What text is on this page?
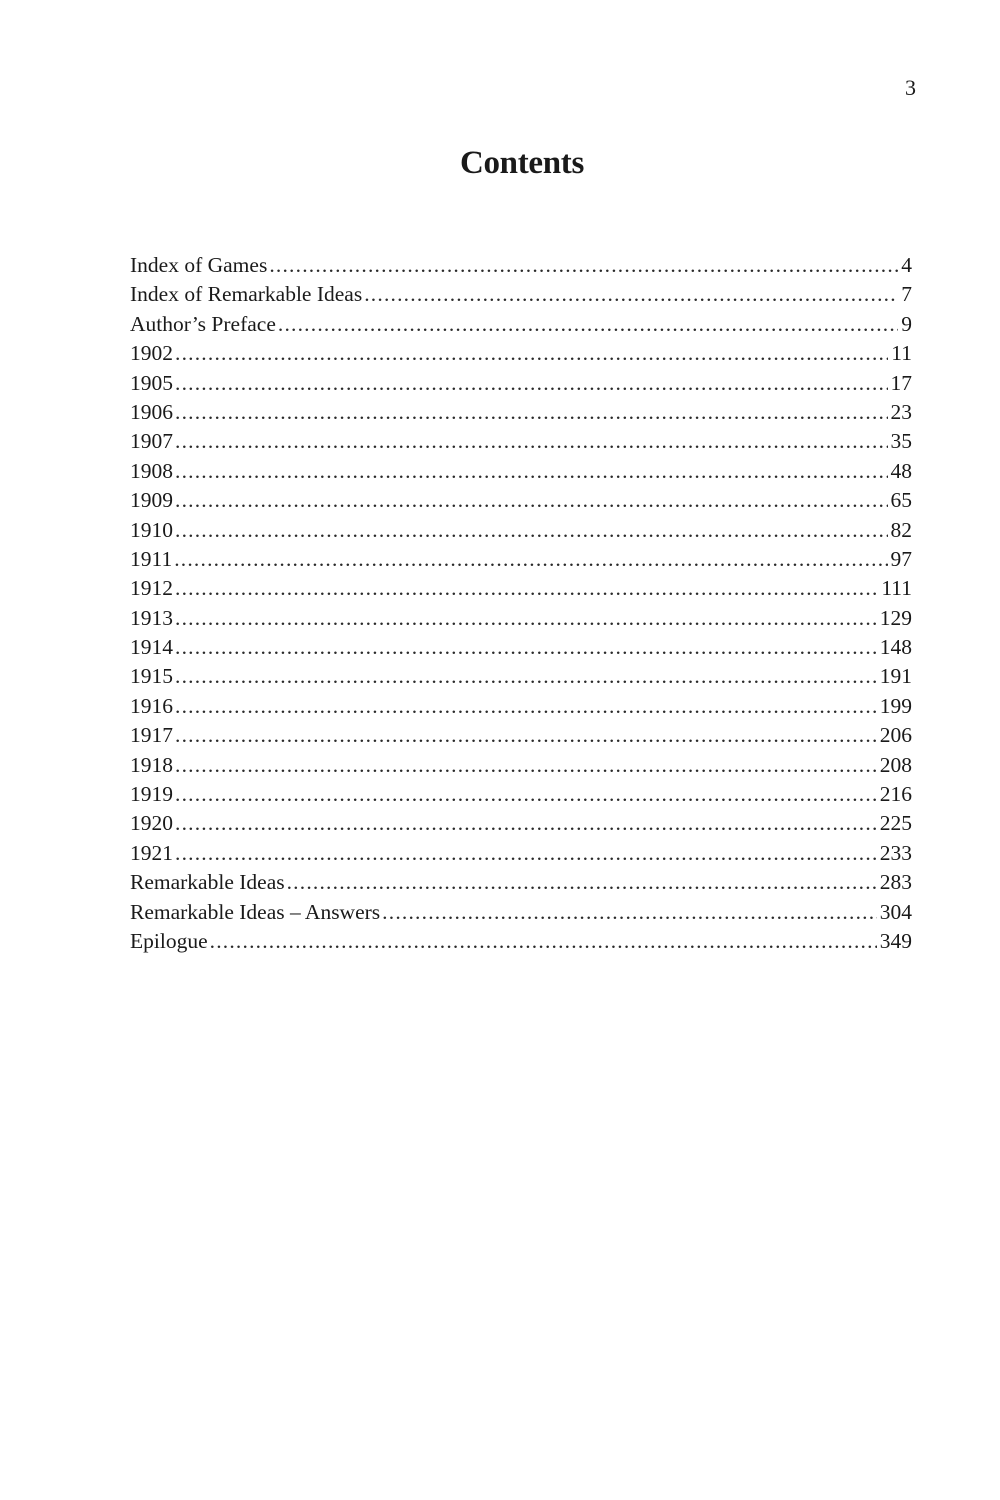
3
Contents
Index of Games .....	4
Index of Remarkable Ideas .....	7
Author’s Preface .....	9
1902 .....	11
1905 .....	17
1906 .....	23
1907 .....	35
1908 .....	48
1909 .....	65
1910 .....	82
1911 .....	97
1912 .....	111
1913 .....	129
1914 .....	148
1915 .....	191
1916 .....	199
1917 .....	206
1918 .....	208
1919 .....	216
1920 .....	225
1921 .....	233
Remarkable Ideas .....	283
Remarkable Ideas – Answers .....	304
Epilogue .....	349
